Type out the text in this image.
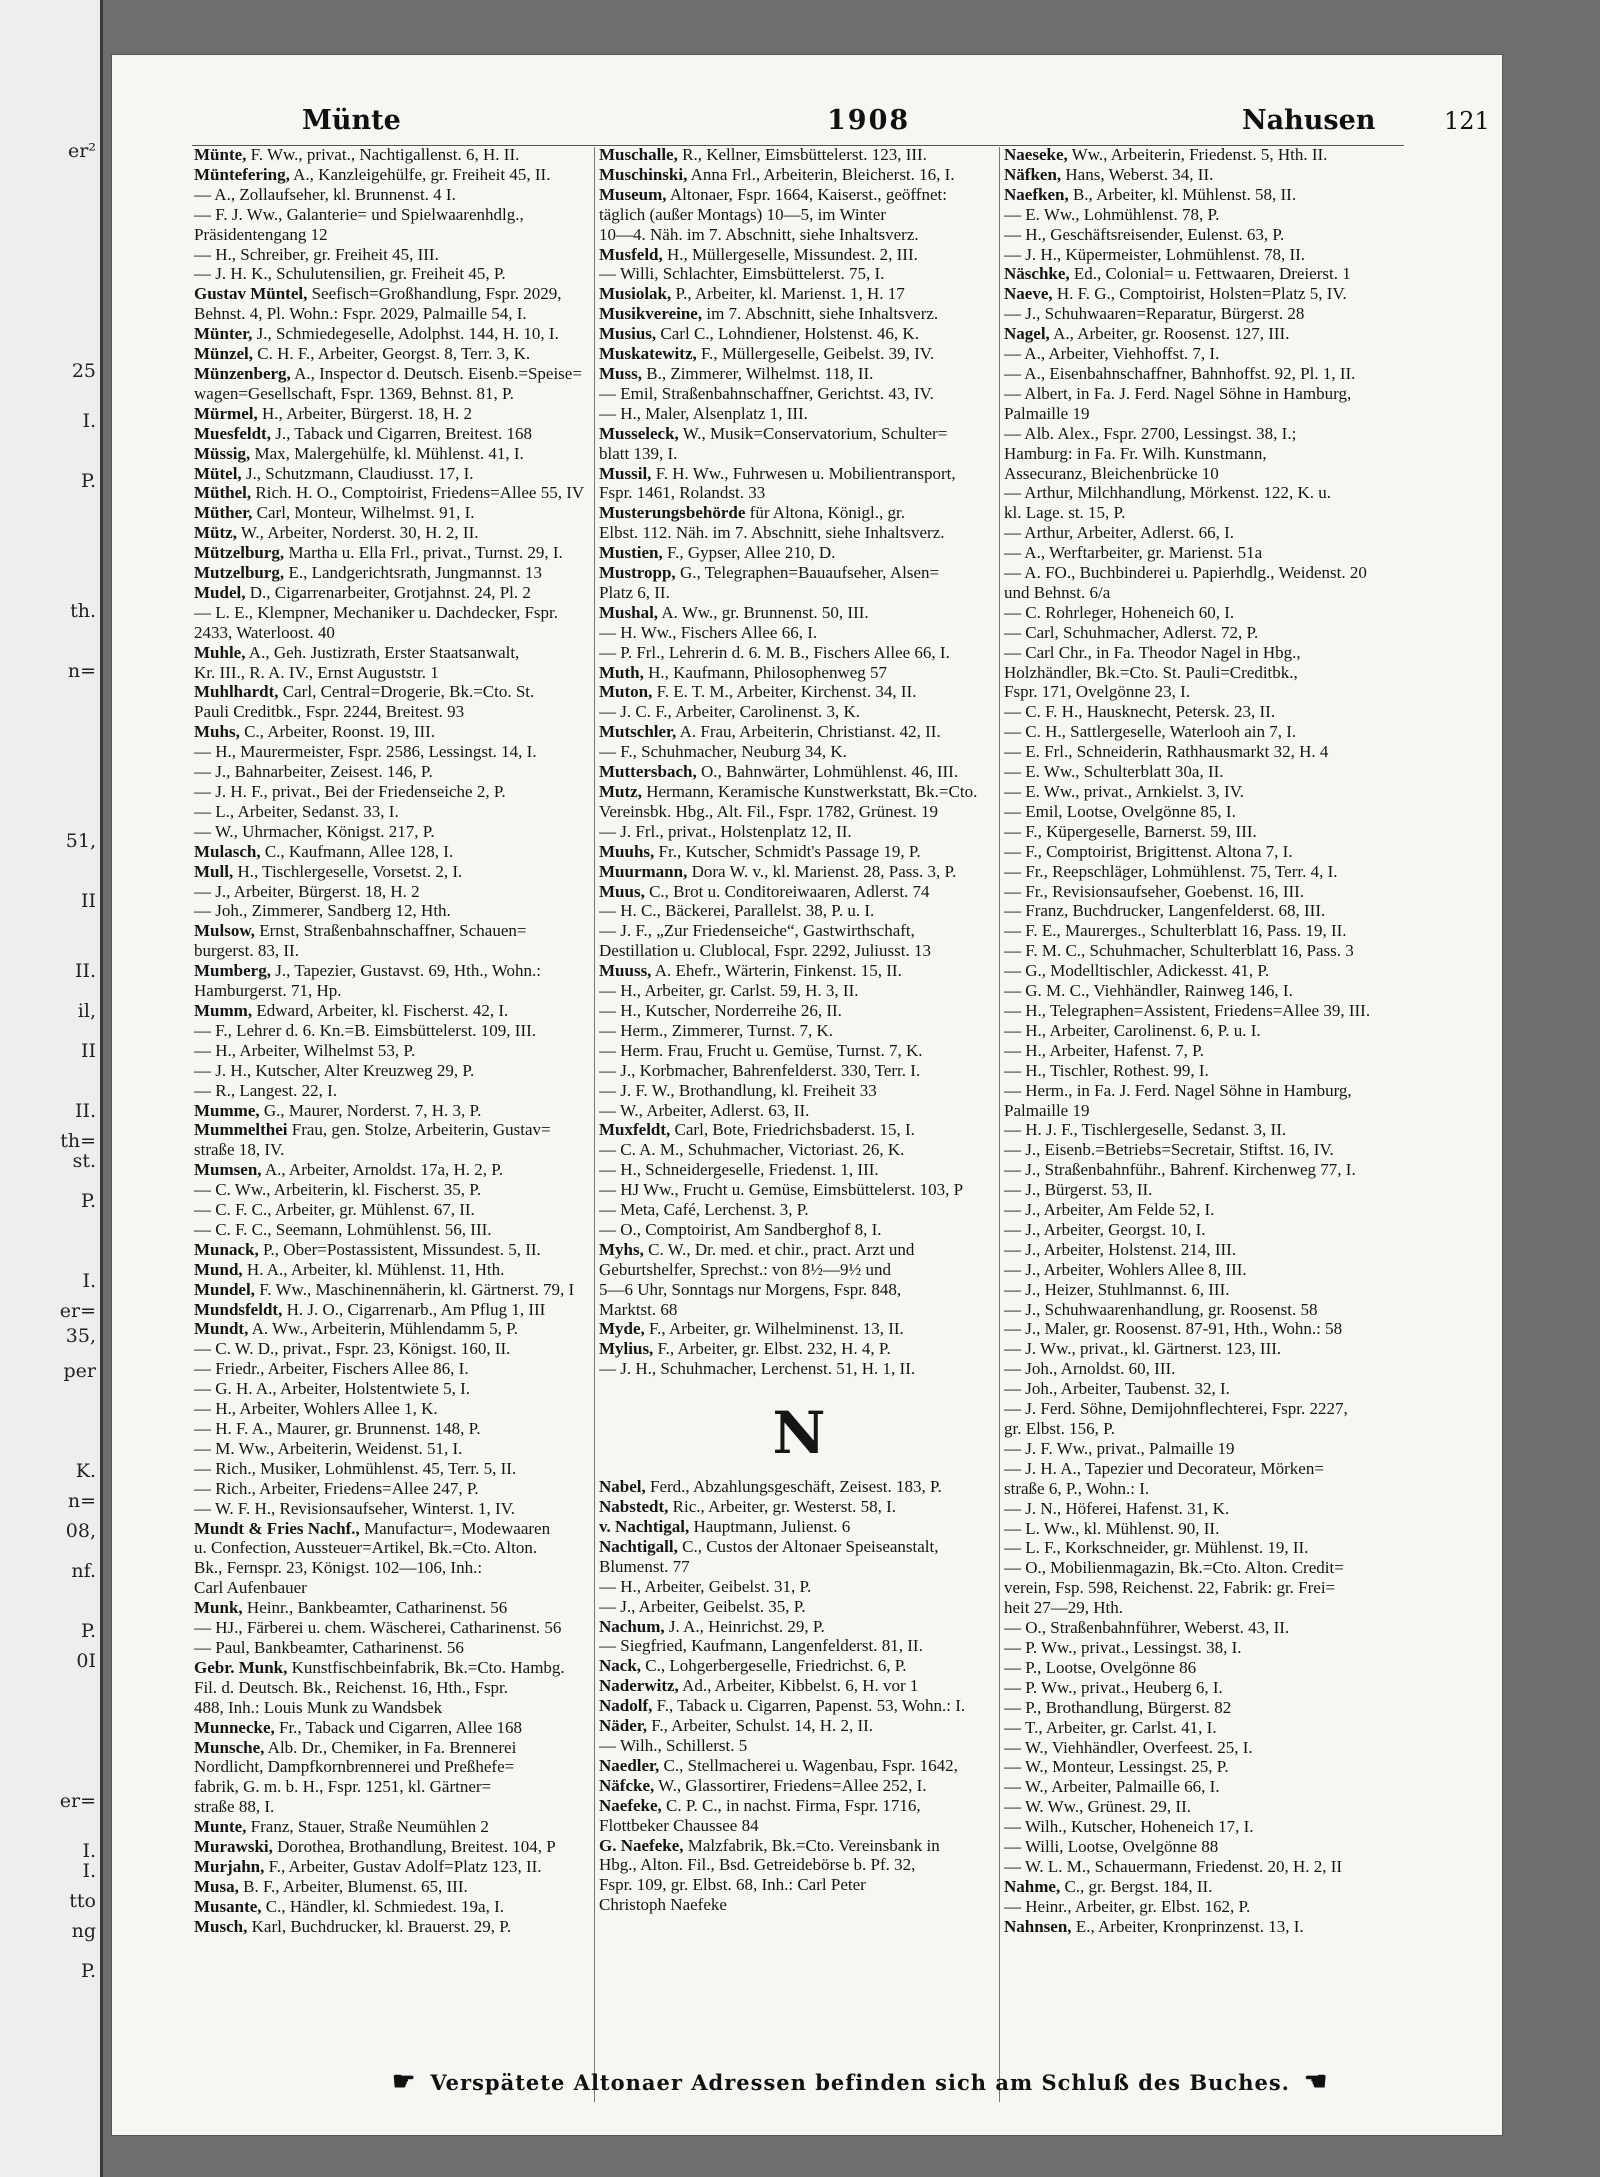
er²
25
I.
P.
th.
n=
51,
II
II.
il,
II
II.
th=
st.
P.
I.
er=
35,
per
K.
n=
08,
nf.
P.
0I
er=
I.
I.
tto
ng
P.
Münte	1908	Nahusen	121
Münte, F. Ww., privat., Nachtigallenst. 6, H. II.
Müntefering, A., Kanzleigehülfe, gr. Freiheit 45, II.
— A., Zollaufseher, kl. Brunnenst. 4 I.
— F. J. Ww., Galanterie= und Spielwaarenhdlg.,
Präsidentengang 12
— H., Schreiber, gr. Freiheit 45, III.
— J. H. K., Schulutensilien, gr. Freiheit 45, P.
Gustav Müntel, Seefisch=Großhandlung, Fspr. 2029,
Behnst. 4, Pl. Wohn.: Fspr. 2029, Palmaille 54, I.
Münter, J., Schmiedegeselle, Adolphst. 144, H. 10, I.
Münzel, C. H. F., Arbeiter, Georgst. 8, Terr. 3, K.
Münzenberg, A., Inspector d. Deutsch. Eisenb.=Speise=
wagen=Gesellschaft, Fspr. 1369, Behnst. 81, P.
Mürmel, H., Arbeiter, Bürgerst. 18, H. 2
Muesfeldt, J., Taback und Cigarren, Breitest. 168
Müssig, Max, Malergehülfe, kl. Mühlenst. 41, I.
Mütel, J., Schutzmann, Claudiusst. 17, I.
Müthel, Rich. H. O., Comptoirist, Friedens=Allee 55, IV
Müther, Carl, Monteur, Wilhelmst. 91, I.
Mütz, W., Arbeiter, Norderst. 30, H. 2, II.
Mützelburg, Martha u. Ella Frl., privat., Turnst. 29, I.
Mutzelburg, E., Landgerichtsrath, Jungmannst. 13
Mudel, D., Cigarrenarbeiter, Grotjahnst. 24, Pl. 2
— L. E., Klempner, Mechaniker u. Dachdecker, Fspr.
2433, Waterloost. 40
Muhle, A., Geh. Justizrath, Erster Staatsanwalt,
Kr. III., R. A. IV., Ernst Auguststr. 1
Muhlhardt, Carl, Central=Drogerie, Bk.=Cto. St.
Pauli Creditbk., Fspr. 2244, Breitest. 93
Muhs, C., Arbeiter, Roonst. 19, III.
— H., Maurermeister, Fspr. 2586, Lessingst. 14, I.
— J., Bahnarbeiter, Zeisest. 146, P.
— J. H. F., privat., Bei der Friedenseiche 2, P.
— L., Arbeiter, Sedanst. 33, I.
— W., Uhrmacher, Königst. 217, P.
Mulasch, C., Kaufmann, Allee 128, I.
Mull, H., Tischlergeselle, Vorsetst. 2, I.
— J., Arbeiter, Bürgerst. 18, H. 2
— Joh., Zimmerer, Sandberg 12, Hth.
Mulsow, Ernst, Straßenbahnschaffner, Schauen=
burgerst. 83, II.
Mumberg, J., Tapezier, Gustavst. 69, Hth., Wohn.:
Hamburgerst. 71, Hp.
Mumm, Edward, Arbeiter, kl. Fischerst. 42, I.
— F., Lehrer d. 6. Kn.=B. Eimsbüttelerst. 109, III.
— H., Arbeiter, Wilhelmst 53, P.
— J. H., Kutscher, Alter Kreuzweg 29, P.
— R., Langest. 22, I.
Mumme, G., Maurer, Norderst. 7, H. 3, P.
Mummelthei Frau, gen. Stolze, Arbeiterin, Gustav=
straße 18, IV.
Mumsen, A., Arbeiter, Arnoldst. 17a, H. 2, P.
— C. Ww., Arbeiterin, kl. Fischerst. 35, P.
— C. F. C., Arbeiter, gr. Mühlenst. 67, II.
— C. F. C., Seemann, Lohmühlenst. 56, III.
Munack, P., Ober=Postassistent, Missundest. 5, II.
Mund, H. A., Arbeiter, kl. Mühlenst. 11, Hth.
Mundel, F. Ww., Maschinennäherin, kl. Gärtnerst. 79, I
Mundsfeldt, H. J. O., Cigarrenarb., Am Pflug 1, III
Mundt, A. Ww., Arbeiterin, Mühlendamm 5, P.
— C. W. D., privat., Fspr. 23, Königst. 160, II.
— Friedr., Arbeiter, Fischers Allee 86, I.
— G. H. A., Arbeiter, Holstentwiete 5, I.
— H., Arbeiter, Wohlers Allee 1, K.
— H. F. A., Maurer, gr. Brunnenst. 148, P.
— M. Ww., Arbeiterin, Weidenst. 51, I.
— Rich., Musiker, Lohmühlenst. 45, Terr. 5, II.
— Rich., Arbeiter, Friedens=Allee 247, P.
— W. F. H., Revisionsaufseher, Winterst. 1, IV.
Mundt & Fries Nachf., Manufactur=, Modewaaren
u. Confection, Aussteuer=Artikel, Bk.=Cto. Alton.
Bk., Fernspr. 23, Königst. 102—106, Inh.:
Carl Aufenbauer
Munk, Heinr., Bankbeamter, Catharinenst. 56
— HJ., Färberei u. chem. Wäscherei, Catharinenst. 56
— Paul, Bankbeamter, Catharinenst. 56
Gebr. Munk, Kunstfischbeinfabrik, Bk.=Cto. Hambg.
Fil. d. Deutsch. Bk., Reichenst. 16, Hth., Fspr.
488, Inh.: Louis Munk zu Wandsbek
Munnecke, Fr., Taback und Cigarren, Allee 168
Munsche, Alb. Dr., Chemiker, in Fa. Brennerei
Nordlicht, Dampfkornbrennerei und Preßhefe=
fabrik, G. m. b. H., Fspr. 1251, kl. Gärtner=
straße 88, I.
Munte, Franz, Stauer, Straße Neumühlen 2
Murawski, Dorothea, Brothandlung, Breitest. 104, P
Murjahn, F., Arbeiter, Gustav Adolf=Platz 123, II.
Musa, B. F., Arbeiter, Blumenst. 65, III.
Musante, C., Händler, kl. Schmiedest. 19a, I.
Musch, Karl, Buchdrucker, kl. Brauerst. 29, P.
Muschalle, R., Kellner, Eimsbüttelerst. 123, III.
Muschinski, Anna Frl., Arbeiterin, Bleicherst. 16, I.
Museum, Altonaer, Fspr. 1664, Kaiserst., geöffnet:
täglich (außer Montags) 10—5, im Winter
10—4. Näh. im 7. Abschnitt, siehe Inhaltsverz.
Musfeld, H., Müllergeselle, Missundest. 2, III.
— Willi, Schlachter, Eimsbüttelerst. 75, I.
Musiolak, P., Arbeiter, kl. Marienst. 1, H. 17
Musikvereine, im 7. Abschnitt, siehe Inhaltsverz.
Musius, Carl C., Lohndiener, Holstenst. 46, K.
Muskatewitz, F., Müllergeselle, Geibelst. 39, IV.
Muss, B., Zimmerer, Wilhelmst. 118, II.
— Emil, Straßenbahnschaffner, Gerichtst. 43, IV.
— H., Maler, Alsenplatz 1, III.
Musseleck, W., Musik=Conservatorium, Schulter=
blatt 139, I.
Mussil, F. H. Ww., Fuhrwesen u. Mobilientransport,
Fspr. 1461, Rolandst. 33
Musterungsbehörde für Altona, Königl., gr.
Elbst. 112. Näh. im 7. Abschnitt, siehe Inhaltsverz.
Mustien, F., Gypser, Allee 210, D.
Mustropp, G., Telegraphen=Bauaufseher, Alsen=
Platz 6, II.
Mushal, A. Ww., gr. Brunnenst. 50, III.
— H. Ww., Fischers Allee 66, I.
— P. Frl., Lehrerin d. 6. M. B., Fischers Allee 66, I.
Muth, H., Kaufmann, Philosophenweg 57
Muton, F. E. T. M., Arbeiter, Kirchenst. 34, II.
— J. C. F., Arbeiter, Carolinenst. 3, K.
Mutschler, A. Frau, Arbeiterin, Christianst. 42, II.
— F., Schuhmacher, Neuburg 34, K.
Muttersbach, O., Bahnwärter, Lohmühlenst. 46, III.
Mutz, Hermann, Keramische Kunstwerkstatt, Bk.=Cto.
Vereinsbk. Hbg., Alt. Fil., Fspr. 1782, Grünest. 19
— J. Frl., privat., Holstenplatz 12, II.
Muuhs, Fr., Kutscher, Schmidt's Passage 19, P.
Muurmann, Dora W. v., kl. Marienst. 28, Pass. 3, P.
Muus, C., Brot u. Conditoreiwaaren, Adlerst. 74
— H. C., Bäckerei, Parallelst. 38, P. u. I.
— J. F., „Zur Friedenseiche“, Gastwirthschaft,
Destillation u. Clublocal, Fspr. 2292, Juliusst. 13
Muuss, A. Ehefr., Wärterin, Finkenst. 15, II.
— H., Arbeiter, gr. Carlst. 59, H. 3, II.
— H., Kutscher, Norderreihe 26, II.
— Herm., Zimmerer, Turnst. 7, K.
— Herm. Frau, Frucht u. Gemüse, Turnst. 7, K.
— J., Korbmacher, Bahrenfelderst. 330, Terr. I.
— J. F. W., Brothandlung, kl. Freiheit 33
— W., Arbeiter, Adlerst. 63, II.
Muxfeldt, Carl, Bote, Friedrichsbaderst. 15, I.
— C. A. M., Schuhmacher, Victoriast. 26, K.
— H., Schneidergeselle, Friedenst. 1, III.
— HJ Ww., Frucht u. Gemüse, Eimsbüttelerst. 103, P
— Meta, Café, Lerchenst. 3, P.
— O., Comptoirist, Am Sandberghof 8, I.
Myhs, C. W., Dr. med. et chir., pract. Arzt und
Geburtshelfer, Sprechst.: von 8½—9½ und
5—6 Uhr, Sonntags nur Morgens, Fspr. 848,
Marktst. 68
Myde, F., Arbeiter, gr. Wilhelminenst. 13, II.
Mylius, F., Arbeiter, gr. Elbst. 232, H. 4, P.
— J. H., Schuhmacher, Lerchenst. 51, H. 1, II.
N
Nabel, Ferd., Abzahlungsgeschäft, Zeisest. 183, P.
Nabstedt, Ric., Arbeiter, gr. Westerst. 58, I.
v. Nachtigal, Hauptmann, Julienst. 6
Nachtigall, C., Custos der Altonaer Speiseanstalt,
Blumenst. 77
— H., Arbeiter, Geibelst. 31, P.
— J., Arbeiter, Geibelst. 35, P.
Nachum, J. A., Heinrichst. 29, P.
— Siegfried, Kaufmann, Langenfelderst. 81, II.
Nack, C., Lohgerbergeselle, Friedrichst. 6, P.
Naderwitz, Ad., Arbeiter, Kibbelst. 6, H. vor 1
Nadolf, F., Taback u. Cigarren, Papenst. 53, Wohn.: I.
Näder, F., Arbeiter, Schulst. 14, H. 2, II.
— Wilh., Schillerst. 5
Naedler, C., Stellmacherei u. Wagenbau, Fspr. 1642,
Näfcke, W., Glassortirer, Friedens=Allee 252, I.
Naefeke, C. P. C., in nachst. Firma, Fspr. 1716,
Flottbeker Chaussee 84
G. Naefeke, Malzfabrik, Bk.=Cto. Vereinsbank in
Hbg., Alton. Fil., Bsd. Getreidebörse b. Pf. 32,
Fspr. 109, gr. Elbst. 68, Inh.: Carl Peter
Christoph Naefeke
Naeseke, Ww., Arbeiterin, Friedenst. 5, Hth. II.
Näfken, Hans, Weberst. 34, II.
Naefken, B., Arbeiter, kl. Mühlenst. 58, II.
— E. Ww., Lohmühlenst. 78, P.
— H., Geschäftsreisender, Eulenst. 63, P.
— J. H., Küpermeister, Lohmühlenst. 78, II.
Näschke, Ed., Colonial= u. Fettwaaren, Dreierst. 1
Naeve, H. F. G., Comptoirist, Holsten=Platz 5, IV.
— J., Schuhwaaren=Reparatur, Bürgerst. 28
Nagel, A., Arbeiter, gr. Roosenst. 127, III.
— A., Arbeiter, Viehhoffst. 7, I.
— A., Eisenbahnschaffner, Bahnhoffst. 92, Pl. 1, II.
— Albert, in Fa. J. Ferd. Nagel Söhne in Hamburg,
Palmaille 19
— Alb. Alex., Fspr. 2700, Lessingst. 38, I.;
Hamburg: in Fa. Fr. Wilh. Kunstmann,
Assecuranz, Bleichenbrücke 10
— Arthur, Milchhandlung, Mörkenst. 122, K. u.
kl. Lage. st. 15, P.
— Arthur, Arbeiter, Adlerst. 66, I.
— A., Werftarbeiter, gr. Marienst. 51a
— A. FO., Buchbinderei u. Papierhdlg., Weidenst. 20
und Behnst. 6/a
— C. Rohrleger, Hoheneich 60, I.
— Carl, Schuhmacher, Adlerst. 72, P.
— Carl Chr., in Fa. Theodor Nagel in Hbg.,
Holzhändler, Bk.=Cto. St. Pauli=Creditbk.,
Fspr. 171, Ovelgönne 23, I.
— C. F. H., Hausknecht, Petersk. 23, II.
— C. H., Sattlergeselle, Waterlooh ain 7, I.
— E. Frl., Schneiderin, Rathhausmarkt 32, H. 4
— E. Ww., Schulterblatt 30a, II.
— E. Ww., privat., Arnkielst. 3, IV.
— Emil, Lootse, Ovelgönne 85, I.
— F., Küpergeselle, Barnerst. 59, III.
— F., Comptoirist, Brigittenst. Altona 7, I.
— Fr., Reepschläger, Lohmühlenst. 75, Terr. 4, I.
— Fr., Revisionsaufseher, Goebenst. 16, III.
— Franz, Buchdrucker, Langenfelderst. 68, III.
— F. E., Maurerges., Schulterblatt 16, Pass. 19, II.
— F. M. C., Schuhmacher, Schulterblatt 16, Pass. 3
— G., Modelltischler, Adickesst. 41, P.
— G. M. C., Viehhändler, Rainweg 146, I.
— H., Telegraphen=Assistent, Friedens=Allee 39, III.
— H., Arbeiter, Carolinenst. 6, P. u. I.
— H., Arbeiter, Hafenst. 7, P.
— H., Tischler, Rothest. 99, I.
— Herm., in Fa. J. Ferd. Nagel Söhne in Hamburg,
Palmaille 19
— H. J. F., Tischlergeselle, Sedanst. 3, II.
— J., Eisenb.=Betriebs=Secretair, Stiftst. 16, IV.
— J., Straßenbahnführ., Bahrenf. Kirchenweg 77, I.
— J., Bürgerst. 53, II.
— J., Arbeiter, Am Felde 52, I.
— J., Arbeiter, Georgst. 10, I.
— J., Arbeiter, Holstenst. 214, III.
— J., Arbeiter, Wohlers Allee 8, III.
— J., Heizer, Stuhlmannst. 6, III.
— J., Schuhwaarenhandlung, gr. Roosenst. 58
— J., Maler, gr. Roosenst. 87-91, Hth., Wohn.: 58
— J. Ww., privat., kl. Gärtnerst. 123, III.
— Joh., Arnoldst. 60, III.
— Joh., Arbeiter, Taubenst. 32, I.
— J. Ferd. Söhne, Demijohnflechterei, Fspr. 2227,
gr. Elbst. 156, P.
— J. F. Ww., privat., Palmaille 19
— J. H. A., Tapezier und Decorateur, Mörken=
straße 6, P., Wohn.: I.
— J. N., Höferei, Hafenst. 31, K.
— L. Ww., kl. Mühlenst. 90, II.
— L. F., Korkschneider, gr. Mühlenst. 19, II.
— O., Mobilienmagazin, Bk.=Cto. Alton. Credit=
verein, Fsp. 598, Reichenst. 22, Fabrik: gr. Frei=
heit 27—29, Hth.
— O., Straßenbahnführer, Weberst. 43, II.
— P. Ww., privat., Lessingst. 38, I.
— P., Lootse, Ovelgönne 86
— P. Ww., privat., Heuberg 6, I.
— P., Brothandlung, Bürgerst. 82
— T., Arbeiter, gr. Carlst. 41, I.
— W., Viehhändler, Overfeest. 25, I.
— W., Monteur, Lessingst. 25, P.
— W., Arbeiter, Palmaille 66, I.
— W. Ww., Grünest. 29, II.
— Wilh., Kutscher, Hoheneich 17, I.
— Willi, Lootse, Ovelgönne 88
— W. L. M., Schauermann, Friedenst. 20, H. 2, II
Nahme, C., gr. Bergst. 184, II.
— Heinr., Arbeiter, gr. Elbst. 162, P.
Nahnsen, E., Arbeiter, Kronprinzenst. 13, I.
☛ Verspätete Altonaer Adressen befinden sich am Schluß des Buches. ☚
